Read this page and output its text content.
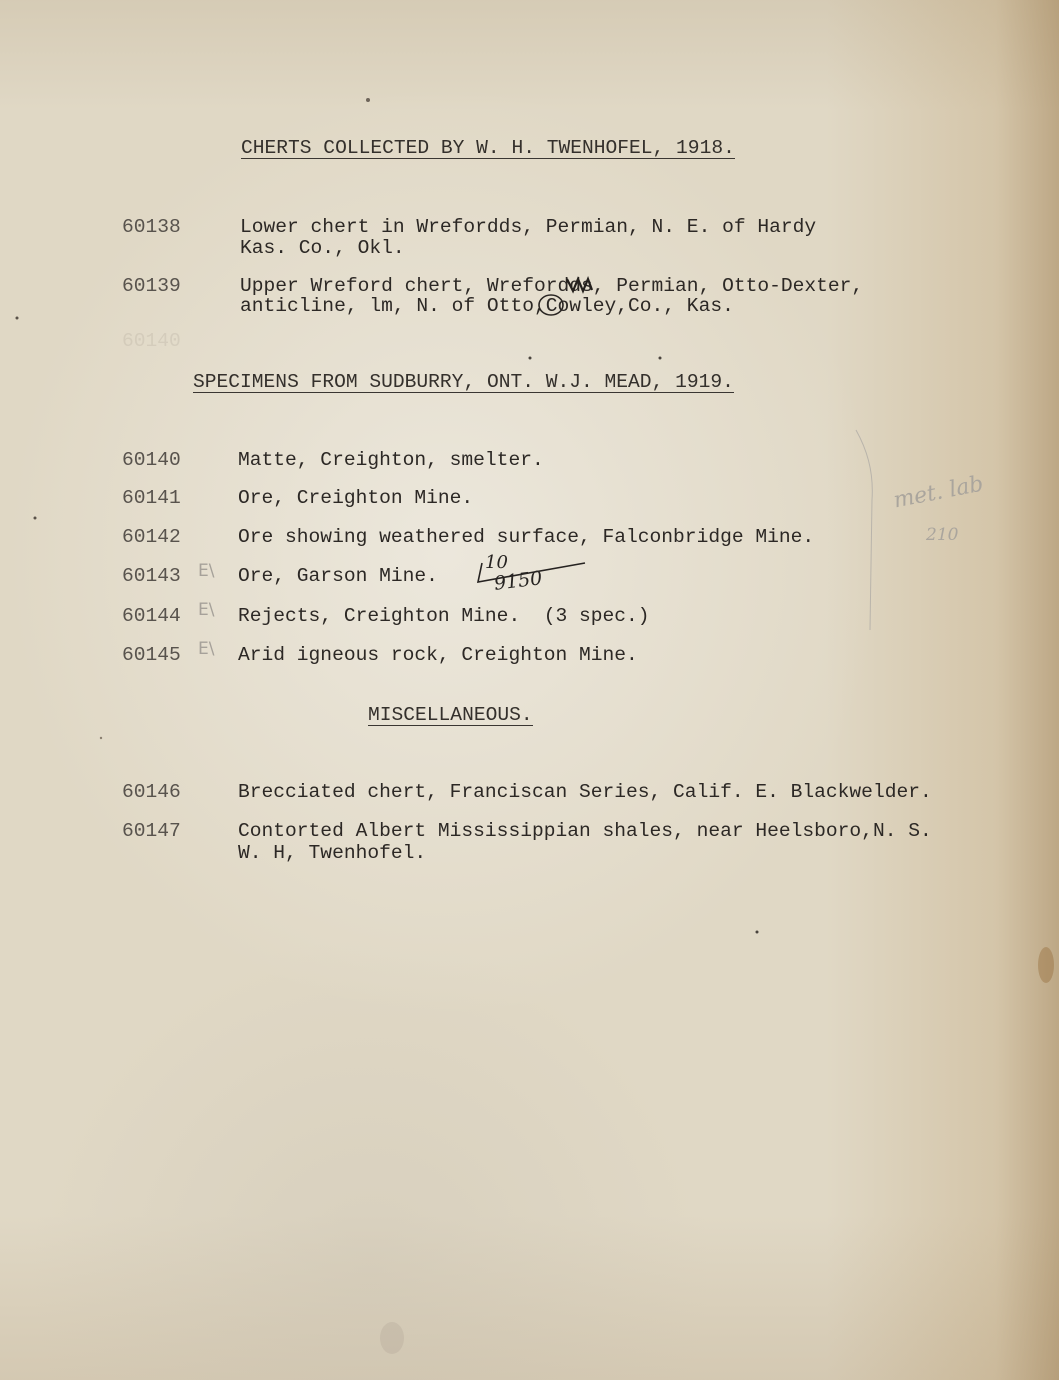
CHERTS COLLECTED BY W. H. TWENHOFEL, 1918.
60138	Lower chert in Wrefordds, Permian, N. E. of Hardy
Kas. Co., Okl.
60139	Upper Wreford chert, Wrefordds, Permian, Otto-Dexter,
anticline, lm, N. of Otto,Cowley,Co., Kas.
60140
SPECIMENS FROM SUDBURRY, ONT. W.J. MEAD, 1919.
60140	Matte, Creighton, smelter.
60141	Ore, Creighton Mine.
60142	Ore showing weathered surface, Falconbridge Mine.
60143 E\ Ore, Garson Mine.
60144 E\ Rejects, Creighton Mine.  (3 spec.)
60145 E\ Arid igneous rock, Creighton Mine.
MISCELLANEOUS.
60146	Brecciated chert, Franciscan Series, Calif. E. Blackwelder.
60147	Contorted Albert Mississippian shales, near Heelsboro,N. S.
W. H, Twenhofel.
10
9150
met. lab
210
